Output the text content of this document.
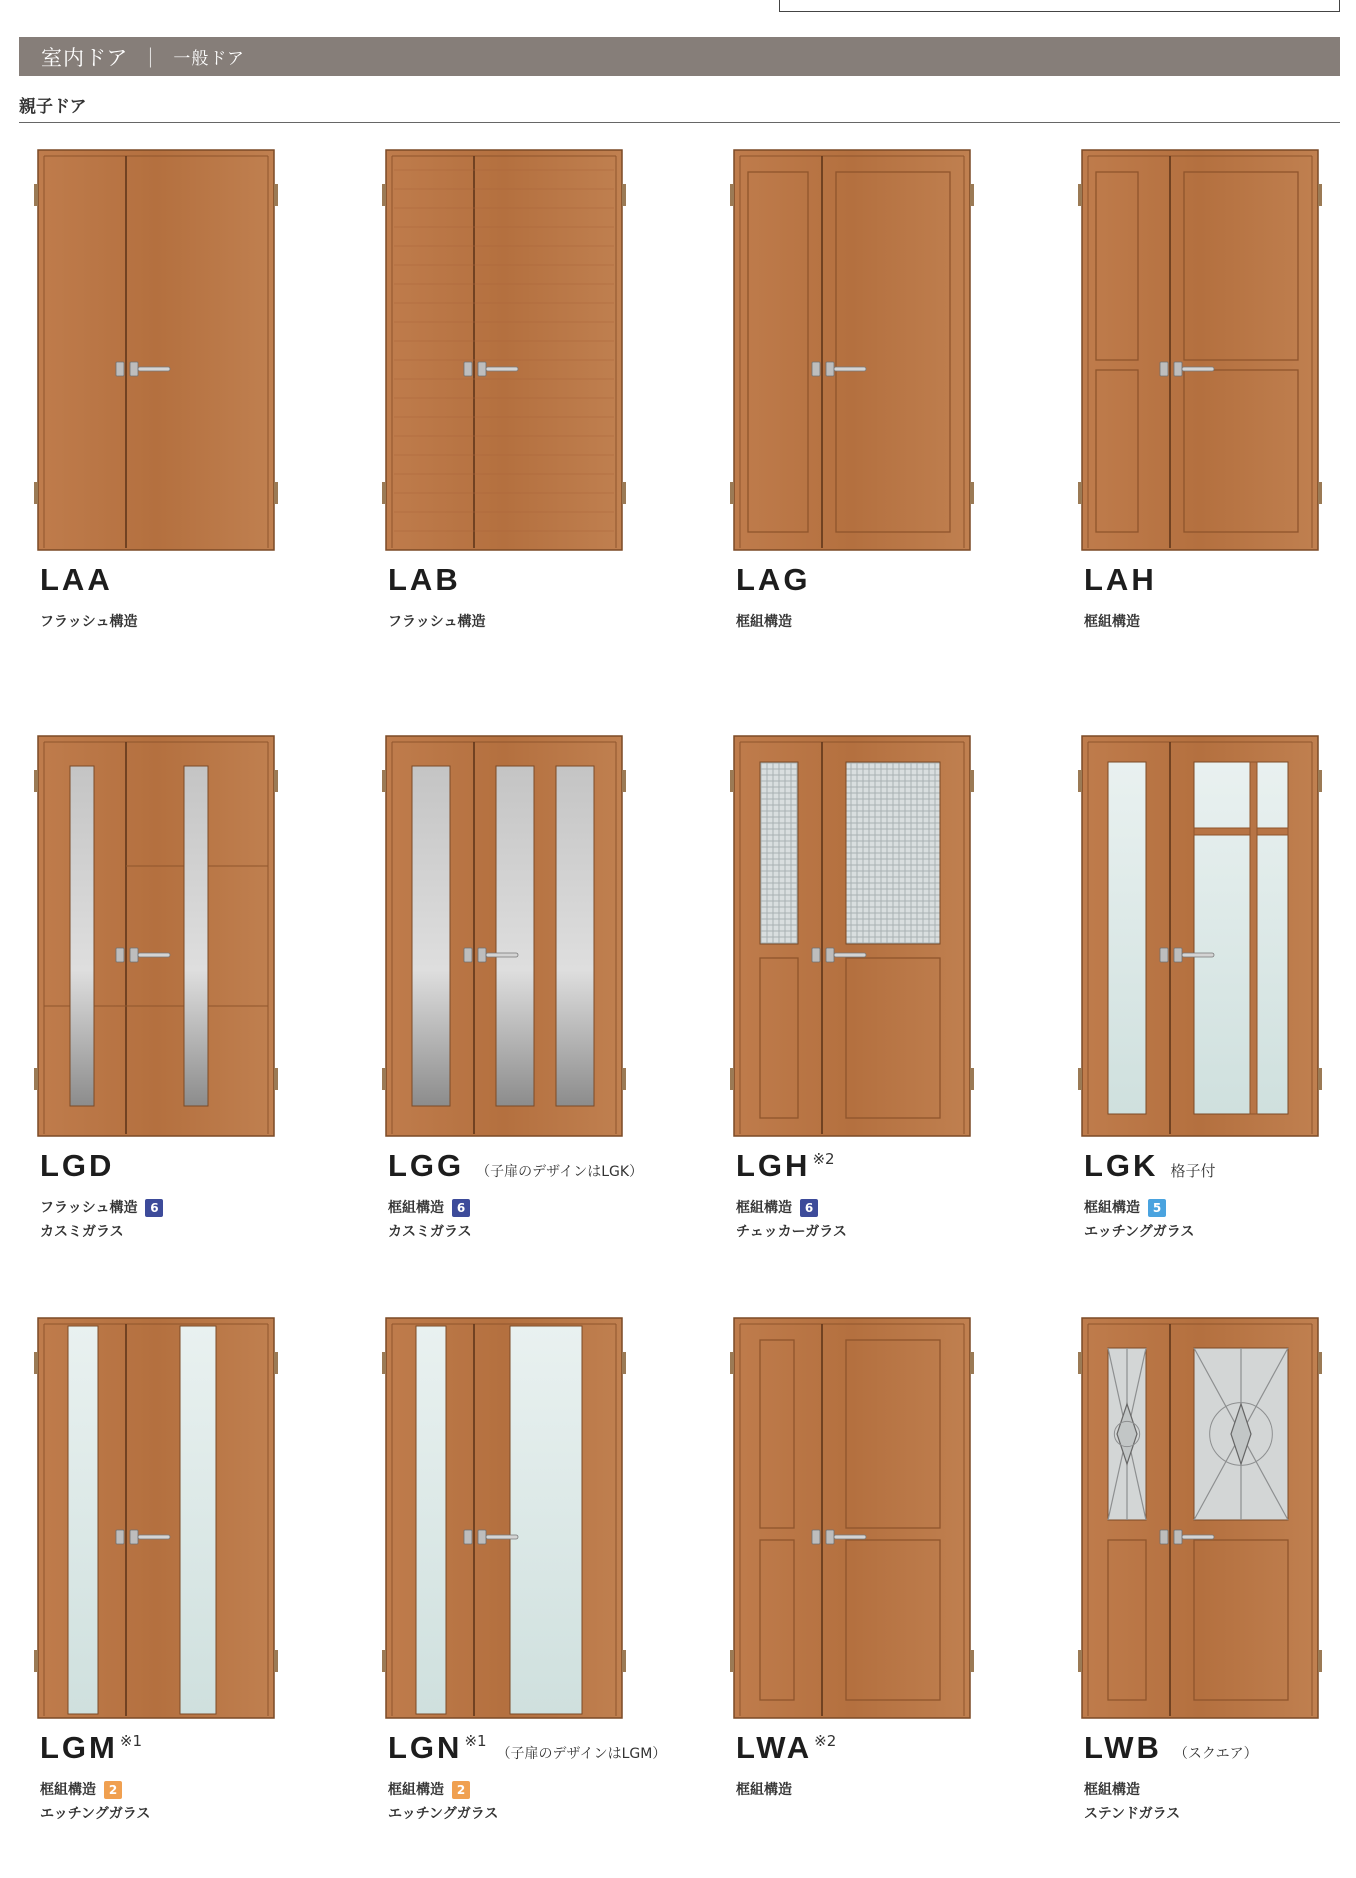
室内ドア ｜ 一般ドア
親子ドア
LAA
フラッシュ構造
LAB
フラッシュ構造
LAG
框組構造
LAH
框組構造
LGD
フラッシュ構造	6
カスミガラス
LGG （子扉のデザインはLGK）
框組構造	6
カスミガラス
LGH ※2
框組構造	6
チェッカーガラス
LGK 格子付
框組構造	5
エッチングガラス
LGM ※1
框組構造	2
エッチングガラス
LGN ※1
（子扉のデザインはLGM）
框組構造	2
エッチングガラス
LWA ※2
框組構造
LWB （スクエア）
框組構造
ステンドガラス
